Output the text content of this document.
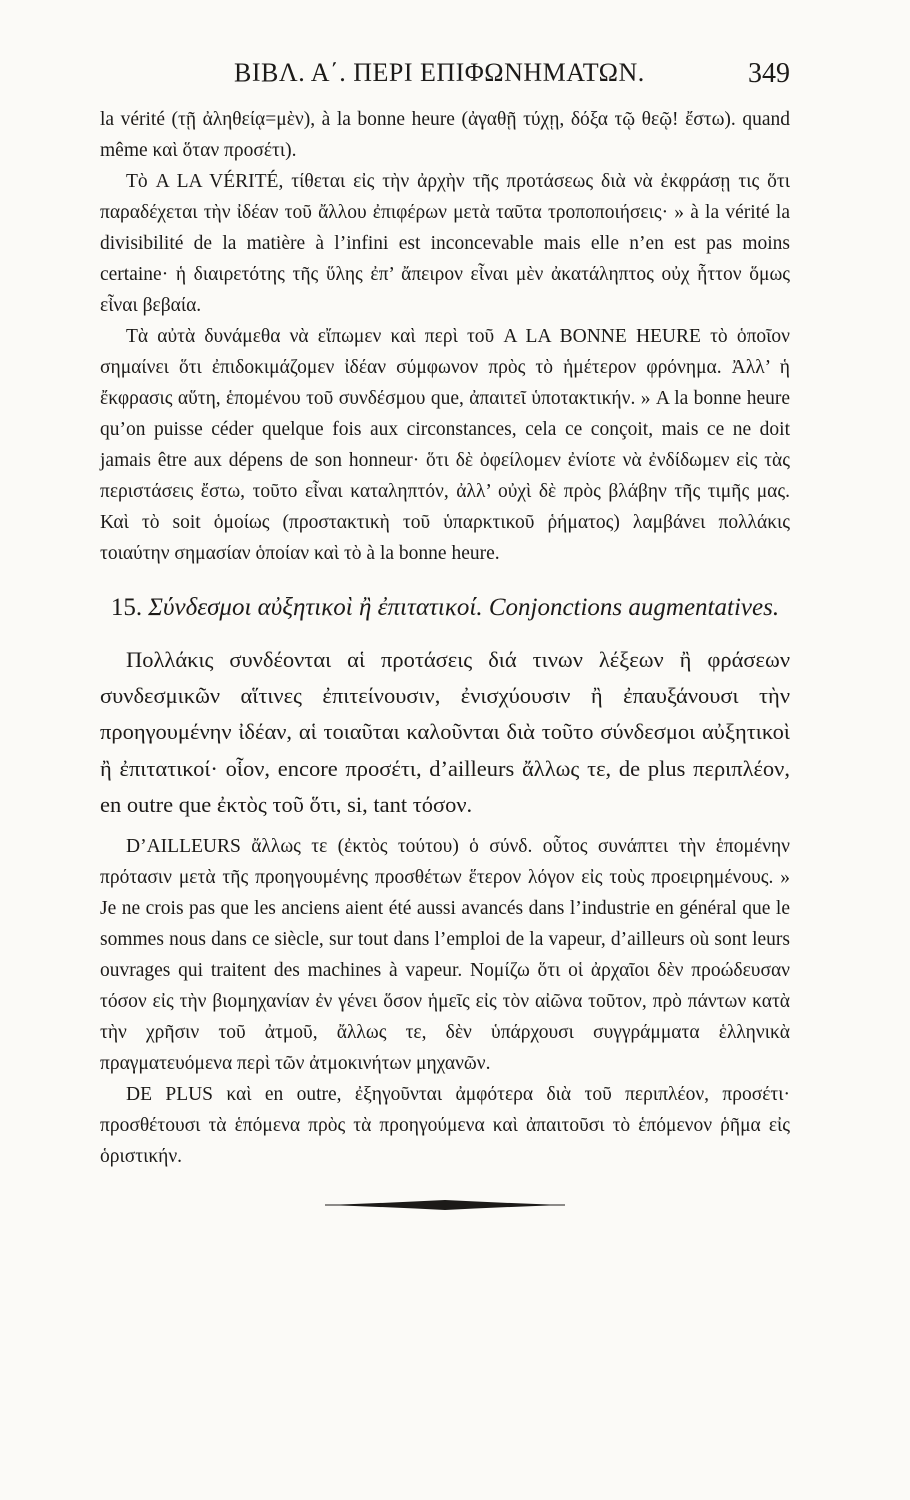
ΒΙΒΛ. Α΄. ΠΕΡΙ ΕΠΙΦΩΝΗΜΑΤΩΝ.	349

la vérité (τῇ ἀληθείᾳ=μὲν), à la bonne heure (ἀγαθῇ τύχῃ, δόξα τῷ θεῷ! ἔστω). quand même καὶ ὅταν προσέτι).

Τὸ A LA VÉRITÉ, τίθεται εἰς τὴν ἀρχὴν τῆς προτάσεως διὰ νὰ ἐκφράσῃ τις ὅτι παραδέχεται τὴν ἰδέαν τοῦ ἄλλου ἐπιφέρων μετὰ ταῦτα τροποποιήσεις· » à la vérité la divisibilité de la matière à l’infini est inconcevable mais elle n’en est pas moins certaine· ἡ διαιρετότης τῆς ὕλης ἐπ’ ἄπειρον εἶναι μὲν ἀκατάληπτος οὐχ ἧττον ὅμως εἶναι βεβαία.

Τὰ αὐτὰ δυνάμεθα νὰ εἴπωμεν καὶ περὶ τοῦ A LA BONNE HEURE τὸ ὁποῖον σημαίνει ὅτι ἐπιδοκιμάζομεν ἰδέαν σύμφωνον πρὸς τὸ ἡμέτερον φρόνημα. Ἀλλ’ ἡ ἔκφρασις αὕτη, ἑπομένου τοῦ συνδέσμου que, ἀπαιτεῖ ὑποτακτικήν. » A la bonne heure qu’on puisse céder quelque fois aux circonstances, cela ce conçoit, mais ce ne doit jamais être aux dépens de son honneur· ὅτι δὲ ὀφείλομεν ἐνίοτε νὰ ἐνδίδωμεν εἰς τὰς περιστάσεις ἔστω, τοῦτο εἶναι καταληπτόν, ἀλλ’ οὐχὶ δὲ πρὸς βλάβην τῆς τιμῆς μας. Καὶ τὸ soit ὁμοίως (προστακτικὴ τοῦ ὑπαρκτικοῦ ῥήματος) λαμβάνει πολλάκις τοιαύτην σημασίαν ὁποίαν καὶ τὸ à la bonne heure.

15. Σύνδεσμοι αὐξητικοὶ ἢ ἐπιτατικοί. Conjonctions augmentatives.

Πολλάκις συνδέονται αἱ προτάσεις διά τινων λέξεων ἢ φράσεων συνδεσμικῶν αἵτινες ἐπιτείνουσιν, ἐνισχύουσιν ἢ ἐπαυξάνουσι τὴν προηγουμένην ἰδέαν, αἱ τοιαῦται καλοῦνται διὰ τοῦτο σύνδεσμοι αὐξητικοὶ ἢ ἐπιτατικοί· οἷον, encore προσέτι, d’ailleurs ἄλλως τε, de plus περιπλέον, en outre que ἐκτὸς τοῦ ὅτι, si, tant τόσον.

D’AILLEURS ἄλλως τε (ἐκτὸς τούτου) ὁ σύνδ. οὗτος συνάπτει τὴν ἑπομένην πρότασιν μετὰ τῆς προηγουμένης προσθέτων ἕτερον λόγον εἰς τοὺς προειρημένους. » Je ne crois pas que les anciens aient été aussi avancés dans l’industrie en général que le sommes nous dans ce siècle, sur tout dans l’emploi de la vapeur, d’ailleurs où sont leurs ouvrages qui traitent des machines à vapeur. Νομίζω ὅτι οἱ ἀρχαῖοι δὲν προώδευσαν τόσον εἰς τὴν βιομηχανίαν ἐν γένει ὅσον ἡμεῖς εἰς τὸν αἰῶνα τοῦτον, πρὸ πάντων κατὰ τὴν χρῆσιν τοῦ ἀτμοῦ, ἄλλως τε, δὲν ὑπάρχουσι συγγράμματα ἑλληνικὰ πραγματευόμενα περὶ τῶν ἀτμοκινήτων μηχανῶν.

DE PLUS καὶ en outre, ἐξηγοῦνται ἀμφότερα διὰ τοῦ περιπλέον, προσέτι· προσθέτουσι τὰ ἑπόμενα πρὸς τὰ προηγούμενα καὶ ἀπαιτοῦσι τὸ ἑπόμενον ῥῆμα εἰς ὁριστικήν.
